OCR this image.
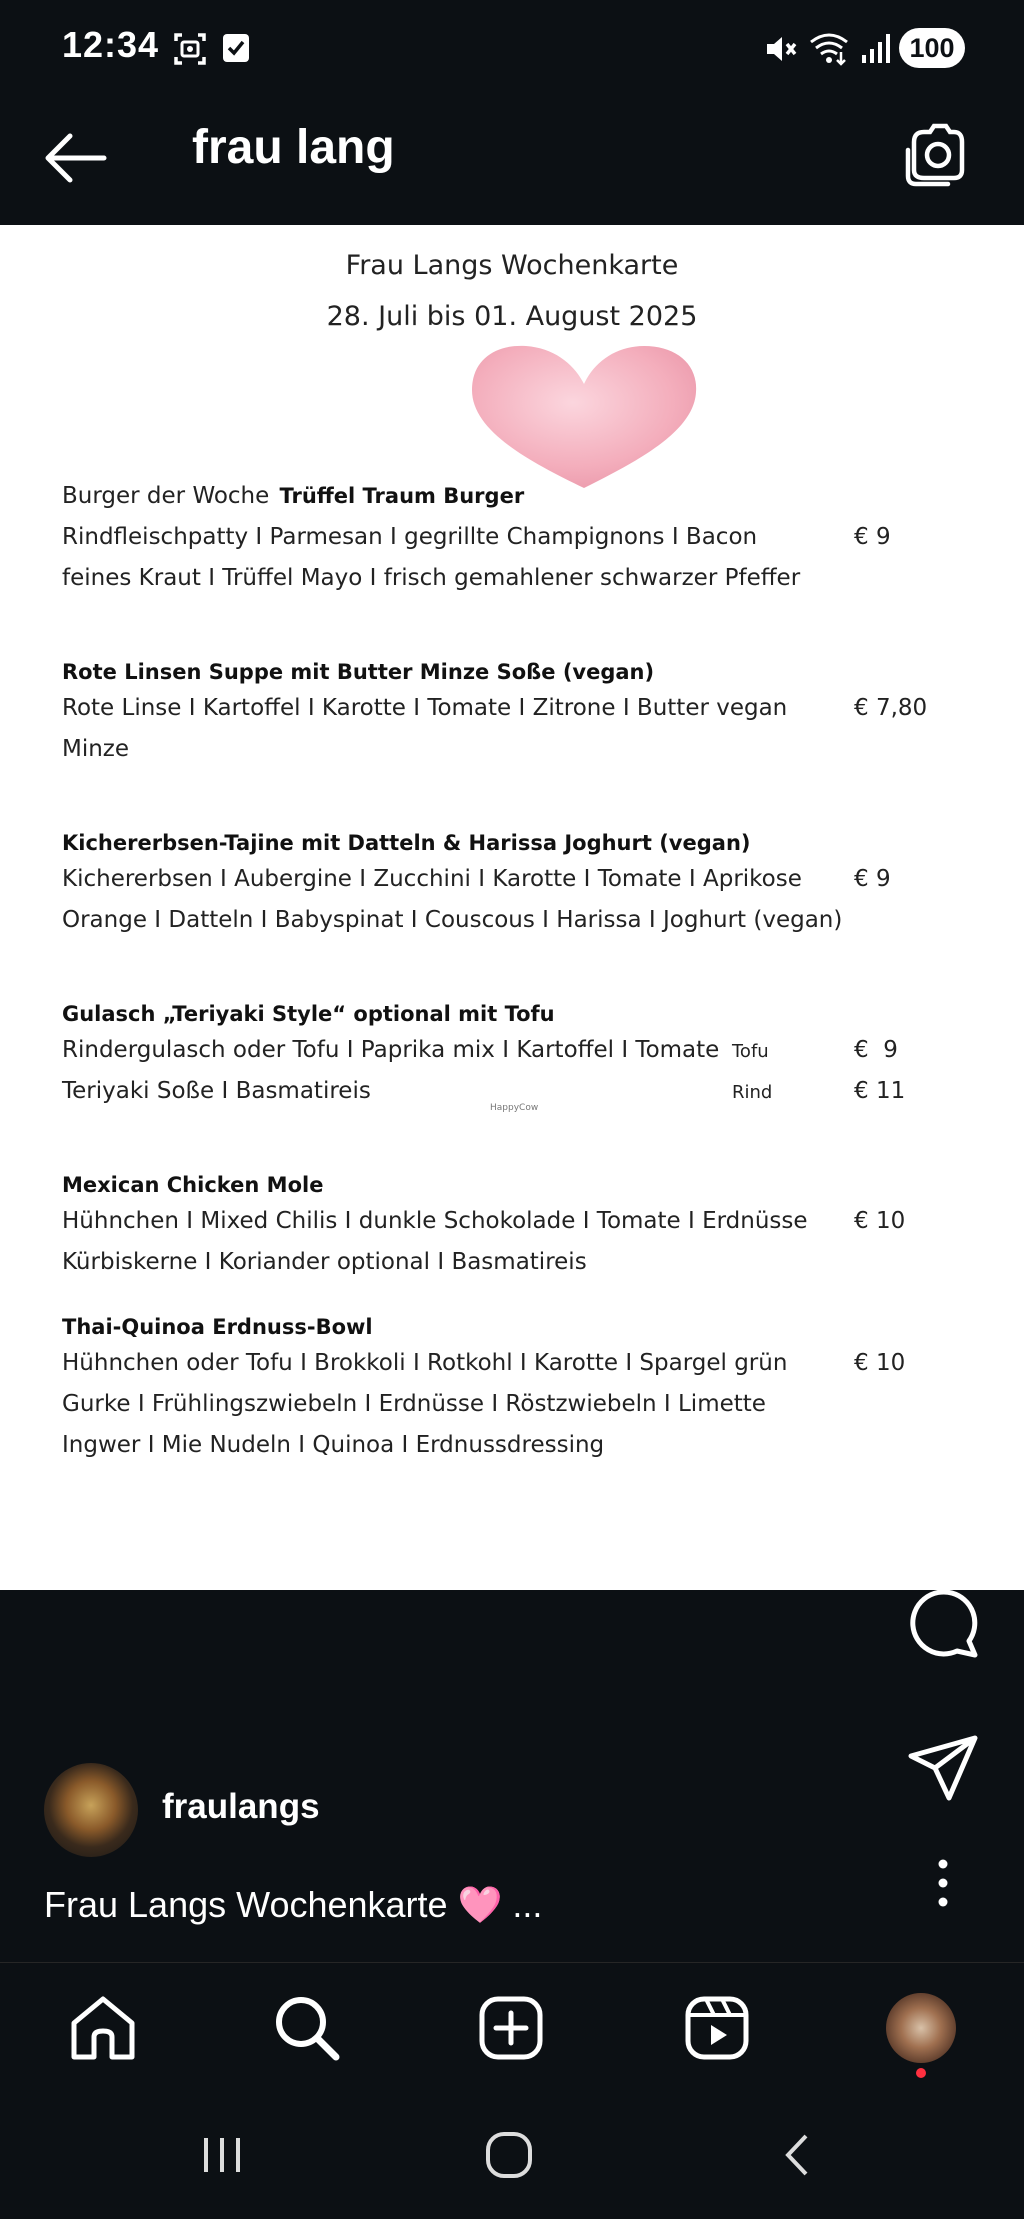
12:34	100
frau lang
Frau Langs Wochenkarte
28. Juli bis 01. August 2025
Burger der Woche Trüffel Traum Burger
Rindfleischpatty I Parmesan I gegrillte Champignons I Bacon
feines Kraut I Trüffel Mayo I frisch gemahlener schwarzer Pfeffer
€ 9
Rote Linsen Suppe mit Butter Minze Soße (vegan)
Rote Linse I Kartoffel I Karotte I Tomate I Zitrone I Butter vegan
Minze
€ 7,80
Kichererbsen-Tajine mit Datteln & Harissa Joghurt (vegan)
Kichererbsen I Aubergine I Zucchini I Karotte I Tomate I Aprikose
Orange I Datteln I Babyspinat I Couscous I Harissa I Joghurt (vegan)
€ 9
Gulasch „Teriyaki Style“ optional mit Tofu
Rindergulasch oder Tofu I Paprika mix I Kartoffel I Tomate
Teriyaki Soße I Basmatireis
Tofu
Rind
€  9
€ 11
HappyCow
Mexican Chicken Mole
Hühnchen I Mixed Chilis I dunkle Schokolade I Tomate I Erdnüsse
Kürbiskerne I Koriander optional I Basmatireis
€ 10
Thai-Quinoa Erdnuss-Bowl
Hühnchen oder Tofu I Brokkoli I Rotkohl I Karotte I Spargel grün
Gurke I Frühlingszwiebeln I Erdnüsse I Röstzwiebeln I Limette
Ingwer I Mie Nudeln I Quinoa I Erdnussdressing
€ 10
38
fraulangs
Frau Langs Wochenkarte 🩷 ...
